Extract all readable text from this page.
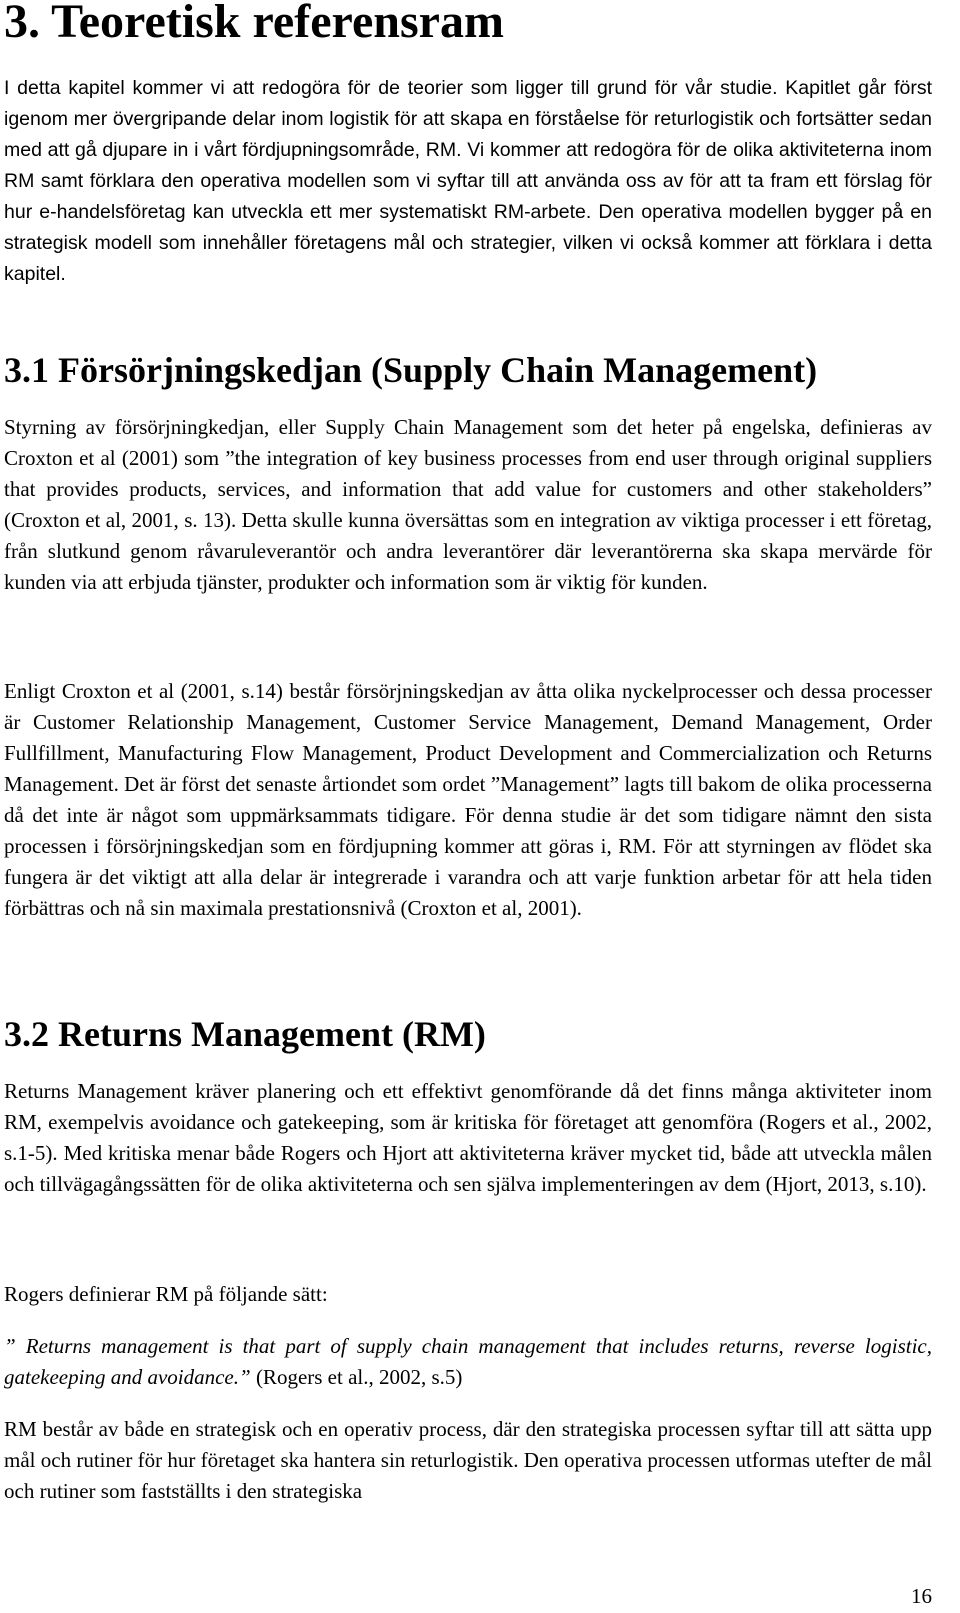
3. Teoretisk referensram

I detta kapitel kommer vi att redogöra för de teorier som ligger till grund för vår studie. Kapitlet går först igenom mer övergripande delar inom logistik för att skapa en förståelse för returlogistik och fortsätter sedan med att gå djupare in i vårt fördjupningsområde, RM. Vi kommer att redogöra för de olika aktiviteterna inom RM samt förklara den operativa modellen som vi syftar till att använda oss av för att ta fram ett förslag för hur e-handelsföretag kan utveckla ett mer systematiskt RM-arbete. Den operativa modellen bygger på en strategisk modell som innehåller företagens mål och strategier, vilken vi också kommer att förklara i detta kapitel.

3.1 Försörjningskedjan (Supply Chain Management)

Styrning av försörjningkedjan, eller Supply Chain Management som det heter på engelska, definieras av Croxton et al (2001) som ”the integration of key business processes from end user through original suppliers that provides products, services, and information that add value for customers and other stakeholders” (Croxton et al, 2001, s. 13). Detta skulle kunna översättas som en integration av viktiga processer i ett företag, från slutkund genom råvaruleverantör och andra leverantörer där leverantörerna ska skapa mervärde för kunden via att erbjuda tjänster, produkter och information som är viktig för kunden.

Enligt Croxton et al (2001, s.14) består försörjningskedjan av åtta olika nyckelprocesser och dessa processer är Customer Relationship Management, Customer Service Management, Demand Management, Order Fullfillment, Manufacturing Flow Management, Product Development and Commercialization och Returns Management. Det är först det senaste årtiondet som ordet ”Management” lagts till bakom de olika processerna då det inte är något som uppmärksammats tidigare. För denna studie är det som tidigare nämnt den sista processen i försörjningskedjan som en fördjupning kommer att göras i, RM. För att styrningen av flödet ska fungera är det viktigt att alla delar är integrerade i varandra och att varje funktion arbetar för att hela tiden förbättras och nå sin maximala prestationsnivå (Croxton et al, 2001).

3.2 Returns Management (RM)

Returns Management kräver planering och ett effektivt genomförande då det finns många aktiviteter inom RM, exempelvis avoidance och gatekeeping, som är kritiska för företaget att genomföra (Rogers et al., 2002, s.1-5). Med kritiska menar både Rogers och Hjort att aktiviteterna kräver mycket tid, både att utveckla målen och tillvägagångssätten för de olika aktiviteterna och sen själva implementeringen av dem (Hjort, 2013, s.10).

Rogers definierar RM på följande sätt:

” Returns management is that part of supply chain management that includes returns, reverse logistic, gatekeeping and avoidance.” (Rogers et al., 2002, s.5)

RM består av både en strategisk och en operativ process, där den strategiska processen syftar till att sätta upp mål och rutiner för hur företaget ska hantera sin returlogistik. Den operativa processen utformas utefter de mål och rutiner som fastställts i den strategiska

16
